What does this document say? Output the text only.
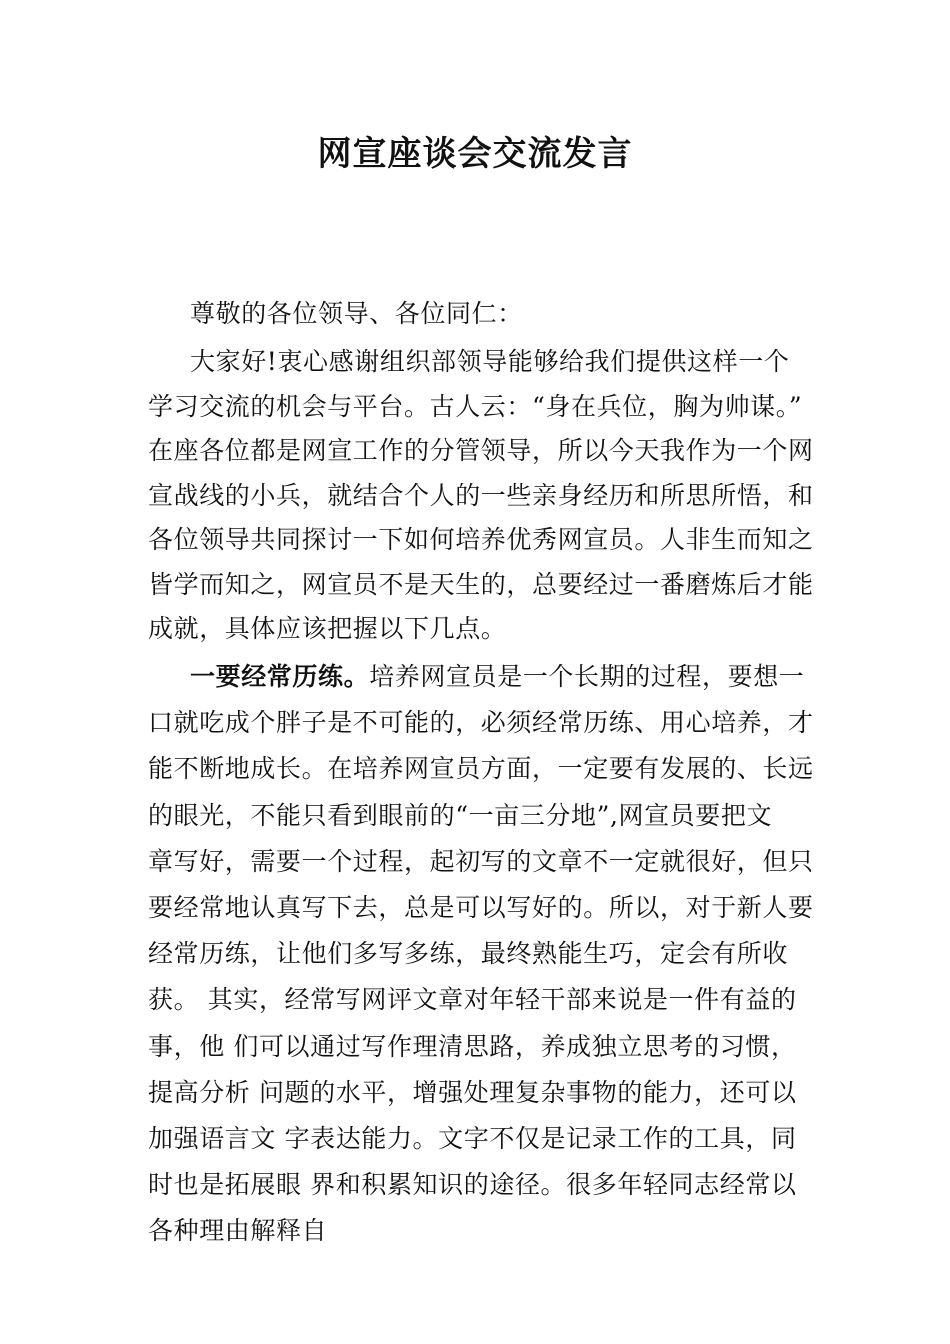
网宣座谈会交流发言
尊敬的各位领导、各位同仁：
大家好!衷心感谢组织部领导能够给我们提供这样一个
学习交流的机会与平台。古人云：“身在兵位，胸为帅谋。”
在座各位都是网宣工作的分管领导，所以今天我作为一个网
宣战线的小兵，就结合个人的一些亲身经历和所思所悟，和
各位领导共同探讨一下如何培养优秀网宣员。人非生而知之
皆学而知之，网宣员不是天生的，总要经过一番磨炼后才能
成就，具体应该把握以下几点。
一要经常历练。培养网宣员是一个长期的过程，要想一
口就吃成个胖子是不可能的，必须经常历练、用心培养，才
能不断地成长。在培养网宣员方面，一定要有发展的、长远
的眼光，不能只看到眼前的“一亩三分地”,网宣员要把文
章写好，需要一个过程，起初写的文章不一定就很好，但只
要经常地认真写下去，总是可以写好的。所以，对于新人要
经常历练，让他们多写多练，最终熟能生巧，定会有所收
获。 其实，经常写网评文章对年轻干部来说是一件有益的
事，他 们可以通过写作理清思路，养成独立思考的习惯，
提高分析 问题的水平，增强处理复杂事物的能力，还可以
加强语言文 字表达能力。文字不仅是记录工作的工具，同
时也是拓展眼 界和积累知识的途径。很多年轻同志经常以
各种理由解释自
